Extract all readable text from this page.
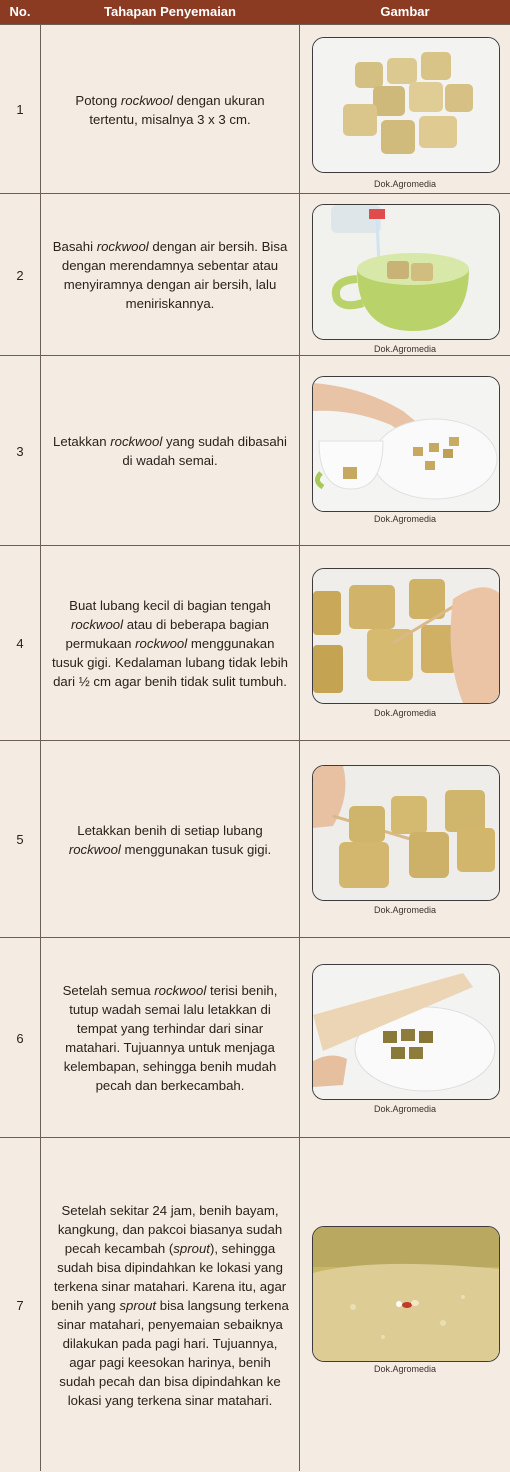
No.	Tahapan Penyemaian	Gambar
1
Potong rockwool dengan ukuran tertentu, misalnya 3 x 3 cm.
Dok.Agromedia
2
Basahi rockwool dengan air bersih. Bisa dengan merendamnya sebentar atau menyiramnya dengan air bersih, lalu meniriskannya.
Dok.Agromedia
3
Letakkan rockwool yang sudah dibasahi di wadah semai.
Dok.Agromedia
4
Buat lubang kecil di bagian tengah rockwool atau di beberapa bagian permukaan rockwool menggunakan tusuk gigi. Kedalaman lubang tidak lebih dari ½ cm agar benih tidak sulit tumbuh.
Dok.Agromedia
5
Letakkan benih di setiap lubang rockwool menggunakan tusuk gigi.
Dok.Agromedia
6
Setelah semua rockwool terisi benih, tutup wadah semai lalu letakkan di tempat yang terhindar dari sinar matahari. Tujuannya untuk menjaga kelembapan, sehingga benih mudah pecah dan berkecambah.
Dok.Agromedia
7
Setelah sekitar 24 jam, benih bayam, kangkung, dan pakcoi biasanya sudah pecah kecambah (sprout), sehingga sudah bisa dipindahkan ke lokasi yang terkena sinar matahari. Karena itu, agar benih yang sprout bisa langsung terkena sinar matahari, penyemaian sebaiknya dilakukan pada pagi hari. Tujuannya, agar pagi keesokan harinya, benih sudah pecah dan bisa dipindahkan ke lokasi yang terkena sinar matahari.
Dok.Agromedia
